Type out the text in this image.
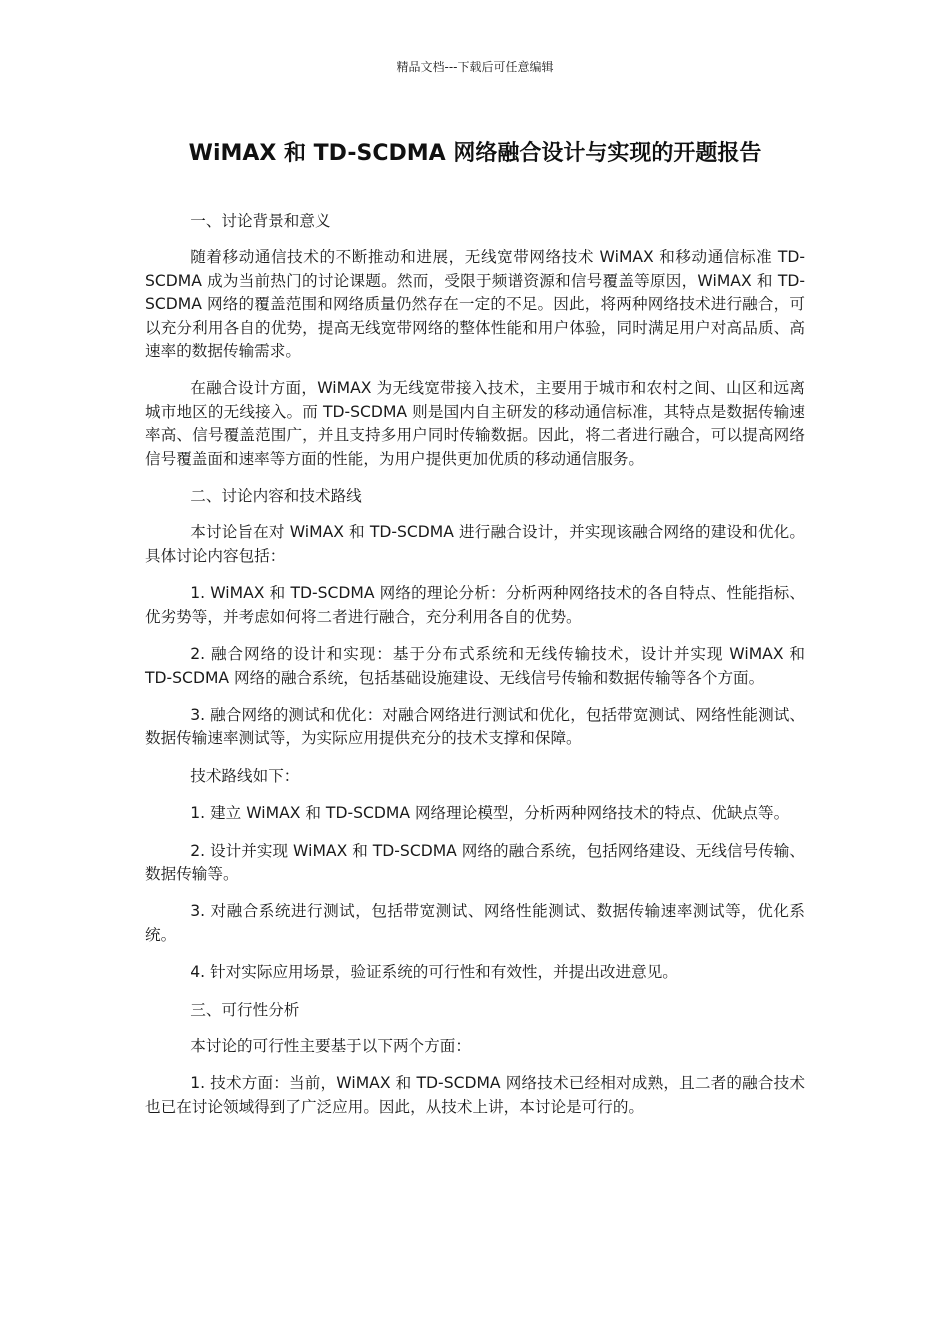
精品文档---下载后可任意编辑
WiMAX 和 TD-SCDMA 网络融合设计与实现的开题报告

一、讨论背景和意义

随着移动通信技术的不断推动和进展，无线宽带网络技术 WiMAX 和移动通信标准 TD-SCDMA 成为当前热门的讨论课题。然而，受限于频谱资源和信号覆盖等原因，WiMAX 和 TD-SCDMA 网络的覆盖范围和网络质量仍然存在一定的不足。因此，将两种网络技术进行融合，可以充分利用各自的优势，提高无线宽带网络的整体性能和用户体验，同时满足用户对高品质、高速率的数据传输需求。

在融合设计方面，WiMAX 为无线宽带接入技术，主要用于城市和农村之间、山区和远离城市地区的无线接入。而 TD-SCDMA 则是国内自主研发的移动通信标准，其特点是数据传输速率高、信号覆盖范围广，并且支持多用户同时传输数据。因此，将二者进行融合，可以提高网络信号覆盖面和速率等方面的性能，为用户提供更加优质的移动通信服务。

二、讨论内容和技术路线

本讨论旨在对 WiMAX 和 TD-SCDMA 进行融合设计，并实现该融合网络的建设和优化。具体讨论内容包括：

1. WiMAX 和 TD-SCDMA 网络的理论分析：分析两种网络技术的各自特点、性能指标、优劣势等，并考虑如何将二者进行融合，充分利用各自的优势。

2. 融合网络的设计和实现：基于分布式系统和无线传输技术，设计并实现 WiMAX 和 TD-SCDMA 网络的融合系统，包括基础设施建设、无线信号传输和数据传输等各个方面。

3. 融合网络的测试和优化：对融合网络进行测试和优化，包括带宽测试、网络性能测试、数据传输速率测试等，为实际应用提供充分的技术支撑和保障。

技术路线如下：

1. 建立 WiMAX 和 TD-SCDMA 网络理论模型，分析两种网络技术的特点、优缺点等。

2. 设计并实现 WiMAX 和 TD-SCDMA 网络的融合系统，包括网络建设、无线信号传输、数据传输等。

3. 对融合系统进行测试，包括带宽测试、网络性能测试、数据传输速率测试等，优化系统。

4. 针对实际应用场景，验证系统的可行性和有效性，并提出改进意见。

三、可行性分析

本讨论的可行性主要基于以下两个方面：

1. 技术方面：当前，WiMAX 和 TD-SCDMA 网络技术已经相对成熟，且二者的融合技术也已在讨论领域得到了广泛应用。因此，从技术上讲，本讨论是可行的。
